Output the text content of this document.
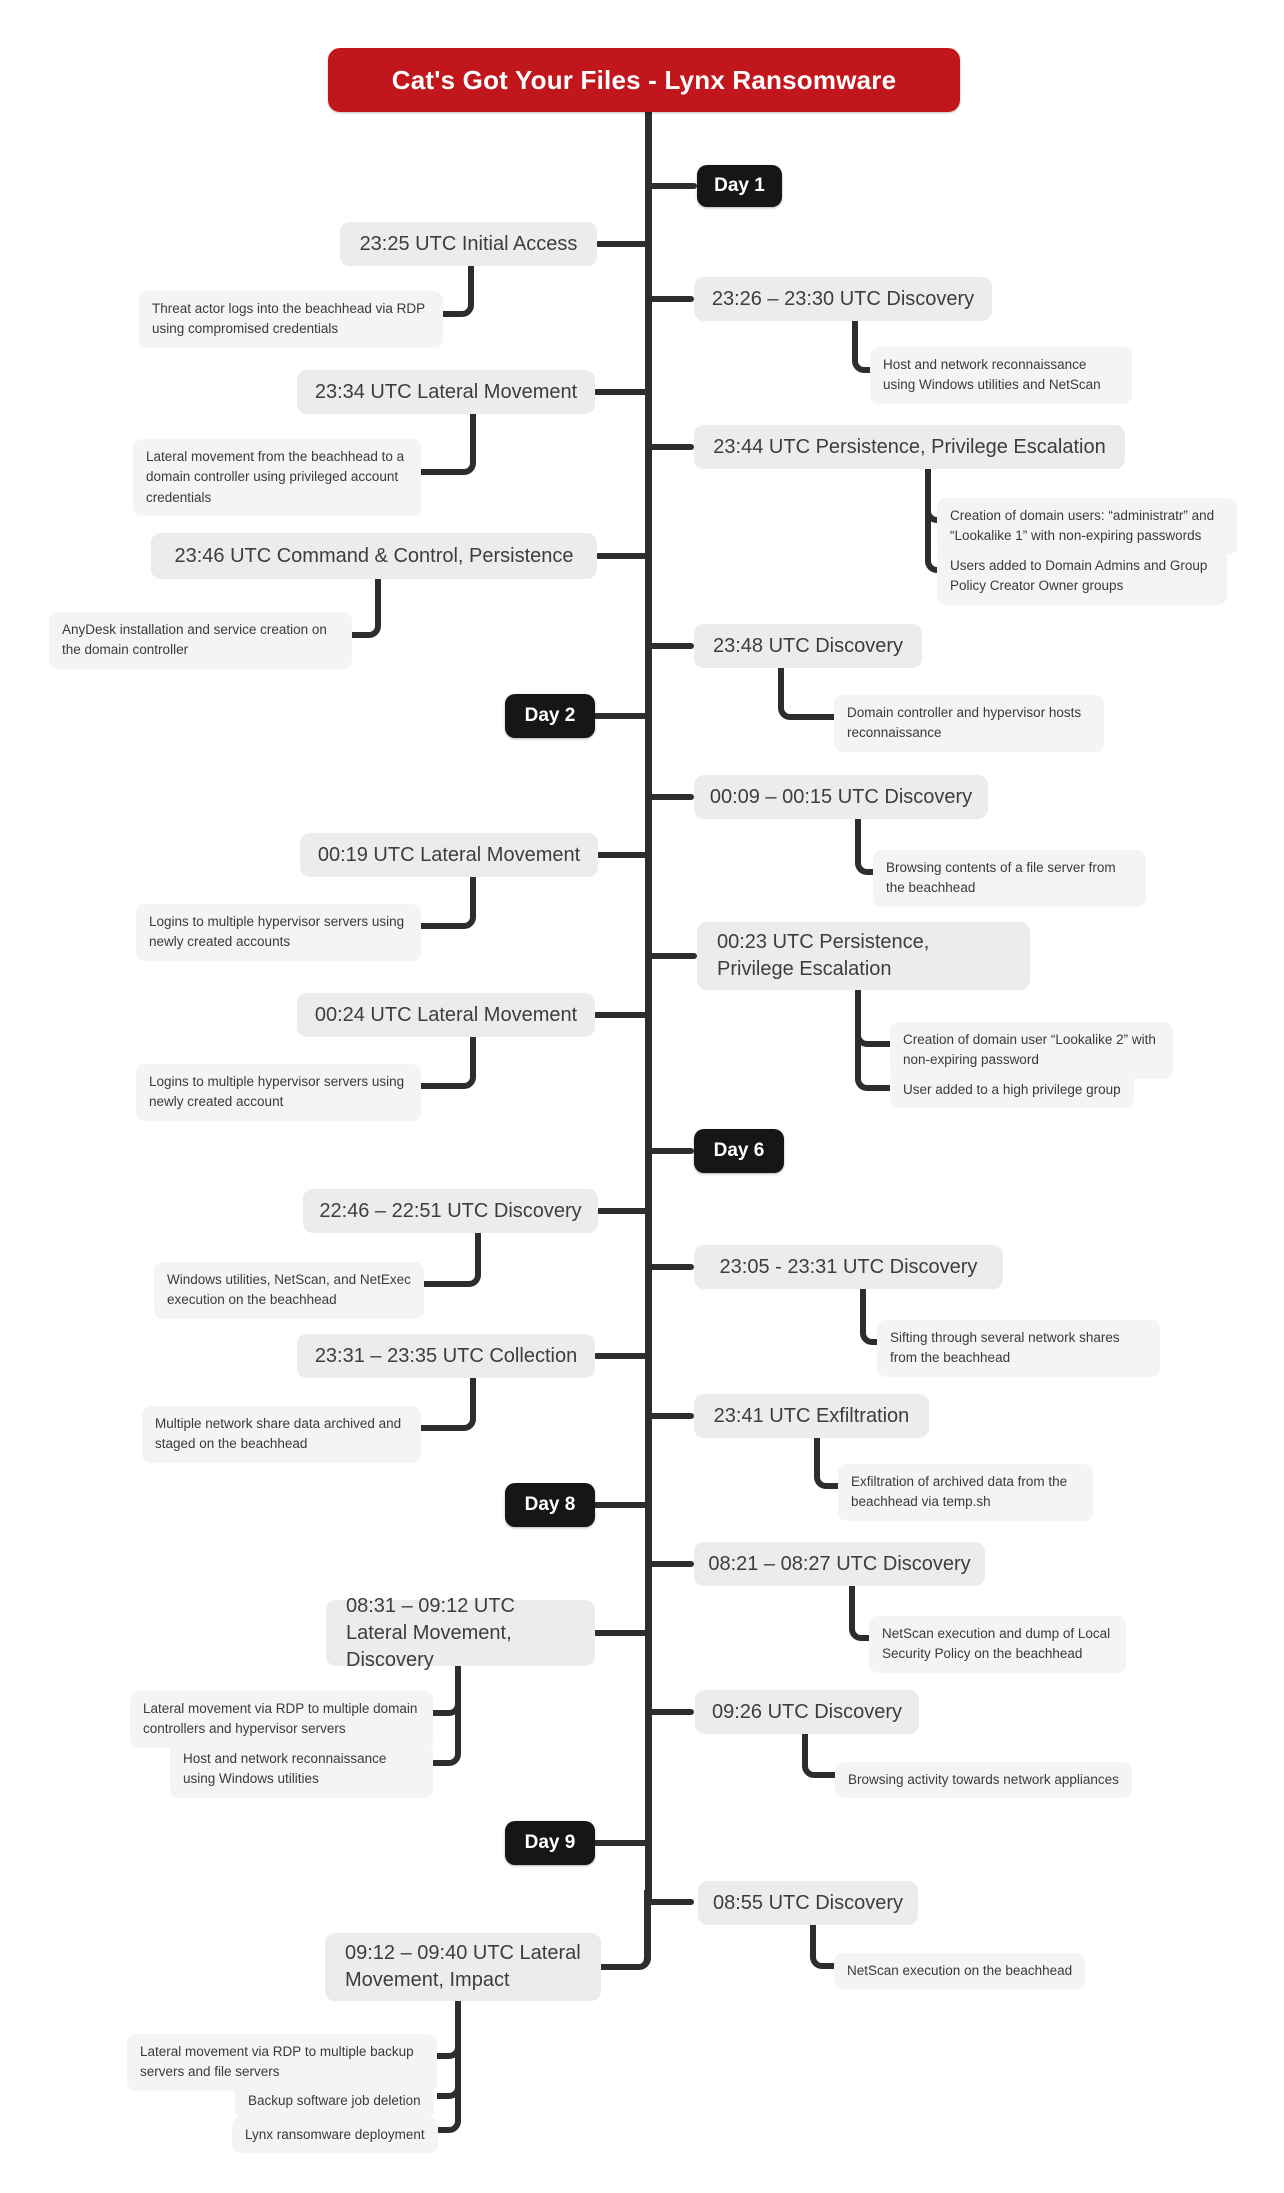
Cat's Got Your Files - Lynx Ransomware
Day 1
Day 2
Day 6
Day 8
Day 9
23:25 UTC Initial Access
Threat actor logs into the beachhead via RDP using compromised credentials
23:26 – 23:30 UTC Discovery
Host and network reconnaissance using Windows utilities and NetScan
23:34 UTC Lateral Movement
Lateral movement from the beachhead to a domain controller using privileged account credentials
23:44 UTC Persistence, Privilege Escalation
Creation of domain users: “administratr” and “Lookalike 1” with non-expiring passwords
Users added to Domain Admins and Group Policy Creator Owner groups
23:46 UTC Command & Control, Persistence
AnyDesk installation and service creation on the domain controller	23:48 UTC Discovery
Domain controller and hypervisor hosts reconnaissance
00:09 – 00:15 UTC Discovery
Browsing contents of a file server from the beachhead
00:19 UTC Lateral Movement
Logins to multiple hypervisor servers using newly created accounts	00:23 UTC Persistence, Privilege Escalation
Creation of domain user “Lookalike 2” with non-expiring password
User added to a high privilege group
00:24 UTC Lateral Movement
Logins to multiple hypervisor servers using newly created account
22:46 – 22:51 UTC Discovery
Windows utilities, NetScan, and NetExec execution on the beachhead
23:05 - 23:31 UTC Discovery
Sifting through several network shares from the beachhead
23:31 – 23:35 UTC Collection
Multiple network share data archived and staged on the beachhead
23:41 UTC Exfiltration
Exfiltration of archived data from the beachhead via temp.sh
08:21 – 08:27 UTC Discovery
NetScan execution and dump of Local Security Policy on the beachhead
08:31 – 09:12 UTC Lateral Movement, Discovery
Lateral movement via RDP to multiple domain controllers and hypervisor servers
Host and network reconnaissance using Windows utilities
09:26 UTC Discovery
Browsing activity towards network appliances
08:55 UTC Discovery
NetScan execution on the beachhead
09:12 – 09:40 UTC Lateral Movement, Impact
Lateral movement via RDP to multiple backup servers and file servers
Backup software job deletion
Lynx ransomware deployment
